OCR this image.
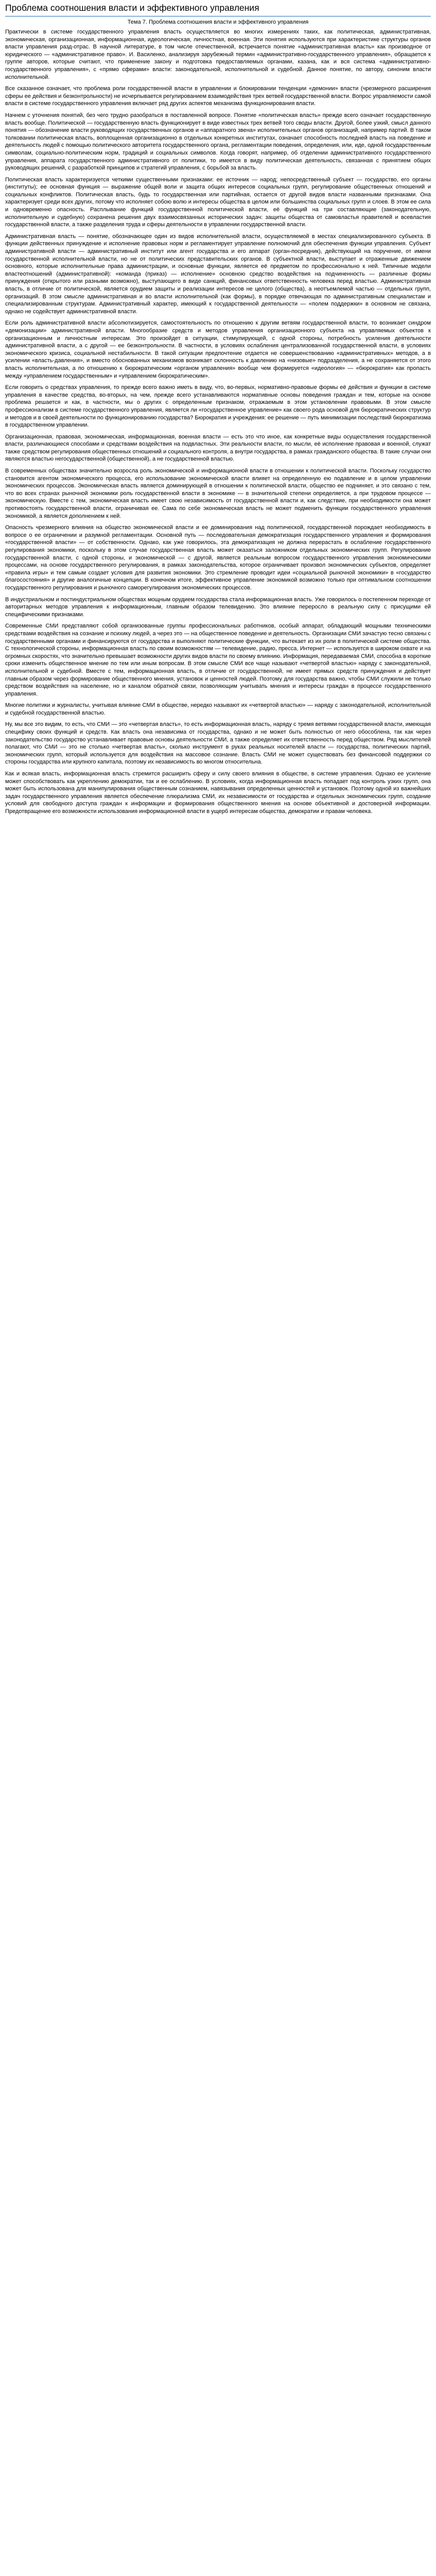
Проблема соотношения власти и эффективного управления
Тема 7. Проблема соотношения власти и эффективного управления

Практически в системе государственного управления власть осуществляется во многих измерениях таких, как политическая, административная, экономическая, организационная, информационная, идеологическая, личностная, военная. Эти понятия используются при характеристике структуры органов власти управления разд-отрас. В научной литературе, в том числе отечественной, встречается понятие «административная власть» как производное от юридического — «административное право». И. Василенко, анализируя зарубежный термин «административно-государственного управления», обращается к группе авторов, которые считают, что применение закону и подготовка предоставляемых органами, казана, как и вся система «административно-государственного управления», с «прямо сферами» власти: законодательной, исполнительной и судебной. Данное понятие, по автору, синоним власти исполнительной.

Все сказанное означает, что проблема роли государственной власти в управлении и блокировании тенденции «демонии» власти (чрезмерного расширения сферы ее действия и безконтрольности) не исчерпывается регулированием взаимодействия трех ветвей государственной власти. Вопрос управляемости самой власти в системе государственного управления включает ряд других аспектов механизма функционирования власти.

Начнем с уточнения понятий, без чего трудно разобраться в поставленной вопросе. Понятие «политическая власть» прежде всего означает государственную власть вообще. Политической — государственную власть функционирует в виде известных трех ветвей того своды власти. Другой, более узкий, смысл данного понятия — обозначение власти руководящих государственных органов и «аппаратного звена» исполнительных органов организаций, например партий. В таком толковании политическая власть, воплощенная организационно в отдельных конкретных институтах, означает способность последней власть на поведение и деятельность людей с помощью политического авторитета государственного органа, регламентации поведения, определения, или, иде, одной государственным символам, социально-политическим норм, традиций и социальных символов. Когда говорят, например, об отделении административного государственного управления, аппарата государственного административного от политики, то имеется в виду политическая деятельность, связанная с принятием общих руководящих решений, с разработкой принципов и стратегий управления, с борьбой за власть.

Политическая власть характеризуется четкими существенными признаками: ее источник — народ; непосредственный субъект — государство, его органы (институты); ее основная функция — выражение общей воли и защита общих интересов социальных групп, регулирование общественных отношений и социальных конфликтов. Политическая власть, будь то государственная или партийная, остается от другой видов власти названными признаками. Она характеризует среди всех других, потому что исполняет собою волю и интересы общества в целом или большинства социальных групп и слоев. В этом ее сила и одновременно опасность. Расплывание функций государственной политической власти, её функций на три составляющие (законодательную, исполнительную и судебную) сохранена решения двух взаимосвязанных исторических задач: защиты общества от самовластья правителей и всевластия государственной власти, а также разделения труда и сферы деятельности в управлении государственной власти.

Административная власть — понятие, обозначающее один из видов исполнительной власти, осуществляемой в местах специализированного субъекта. В функции действенных принуждение и исполнение правовых норм и регламентирует управление полномочий для обеспечения функции управления. Субъект административной власти — административный институт или агент государства и его аппарат (орган-посредник), действующий на поручение, от имени государственной исполнительной власти, но не от политических представительских органов. В субъектной власти, выступает и отраженные движением основного, которые исполнительные права администрации, и основные функции, является её предметом по профессионально к ней. Типичные модели властеотношений (административной): «команда (приказ) — исполнение» основною средство воздействия на подчиненность — различные формы принуждения (открытого или разными возможно), выступающего в виде санкций, финансовых ответственность человека перед властью. Административная власть, в отличие от политической, является орудием защиты и реализации интересов не целого (общества), а неотъемлемой частью — отдельных групп, организаций. В этом смысле административная и во власти исполнительной (как формы), в порядке отвечающая по административным специалистам и специализированным структурам. Административный характер, имеющий к государственной деятельности — «полем поддержки» в основном не связана, однако не содействует административной власти.

Если роль административной власти абсолютизируется, самостоятельность по отношению к другим ветвям государственной власти, то возникает синдром «демонизации» административной власти. Многообразие средств и методов управления организационного субъекта на управляемых объектов к организационным и личностным интересам. Это произойдет в ситуации, стимулирующей, с одной стороны, потребность усиления деятельности административной власти, а с другой — ее безконтрольности. В частности, в условиях ослабления централизованной государственной власти, в условиях экономического кризиса, социальной нестабильности. В такой ситуации предпочтение отдается не совершенствованию «административных» методов, а в усилении «власть-давления», и вместо обоснованных механизмов возникает склонность к давлению на «низовые» подразделения, а не сохраняется от этого власть исполнительная, а по отношению к бюрократическим «органом управления» вообще чем формируется «идеология» — «бюрократия» как пропасть между «управлением государственным» и «управлением бюрократическим».

Если говорить о средствах управления, то прежде всего важно иметь в виду, что, во-первых, нормативно-правовые формы её действия и функции в системе управления в качестве средства, во-вторых, на чем, прежде всего устанавливаются нормативные основы поведения граждан и тем, которые на основе проблема решается и как, в частности, мы о других с определенным признаком, отражаемым в этом установлении правовыми. В этом смысле профессионализм в системе государственного управления, является ли «государственное управление» как своего рода основой для бюрократических структур и методов и в своей деятельности по функционированию государства? Бюрократия и учреждения: ее решение — путь минимизации последствий бюрократизма в государственном управлении.

Организационная, правовая, экономическая, информационная, военная власти — есть это что иное, как конкретные виды осуществления государственной власти, различающиеся способами и средствами воздействия на подвластных. Эти реальности власти, по мысли, её исполнение правовая и военной, служат также средством регулирования общественных отношений и социального контроля, а внутри государства, в рамках гражданского общества. В такие случаи они являются властью негосударственной (общественной), а не государственной властью.

В современных обществах значительно возросла роль экономической и информационной власти в отношении к политической власти. Поскольку государство становится агентом экономического процесса, его использование экономической власти влияет на определенную ею подавление и в целом управлении экономических процессов. Экономическая власть является доминирующей в отношении к политической власти, общество ее подчиняет, и это связано с тем, что во всех странах рыночной экономики роль государственной власти в экономике — в значительной степени определяется, а при трудовом процессе — экономическую. Вместе с тем, экономическая власть имеет свою независимость от государственной власти и, как следствие, при необходимости она может противостоять государственной власти, ограничивая ее. Сама по себе экономическая власть не может подменить функции государственного управления экономикой, а является дополнением к ней.

Опасность чрезмерного влияния на общество экономической власти и ее доминирования над политической, государственной порождает необходимость в вопросе о ее ограничении и разумной регламентации. Основной путь — последовательная демократизация государственного управления и формирования «государственной власти» — от собственности. Однако, как уже говорилось, эта демократизация не должна перерастать в ослабление государственного регулирования экономики, поскольку в этом случае государственная власть может оказаться заложником отдельных экономических групп. Регулирование государственной власти, с одной стороны, и экономической — с другой, является реальным вопросом государственного управления экономическими процессами, на основе государственного регулирования, в рамках законодательства, которое ограничивает произвол экономических субъектов, определяет «правила игры» и тем самым создает условия для развития экономики. Это стремление проводит идеи «социальной рыночной экономики» в «государство благосостояния» и другие аналогичные концепции. В конечном итоге, эффективное управление экономикой возможно только при оптимальном соотношении государственного регулирования и рыночного саморегулирования экономических процессов.

В индустриальном и постиндустриальном обществах мощным орудием государства стала информационная власть. Уже говорилось о постепенном переходе от авторитарных методов управления к информационным, главным образом телевидению. Это влияние переросло в реальную силу с присущими ей специфическими признаками.

Современные СМИ представляют собой организованные группы профессиональных работников, особый аппарат, обладающий мощными техническими средствами воздействия на сознание и психику людей, а через это — на общественное поведение и деятельность. Организации СМИ зачастую тесно связаны с государственными органами и финансируются от государства и выполняют политические функции, что вытекает из их роли в политической системе общества. С технологической стороны, информационная власть по своим возможностям — телевидение, радио, пресса, Интернет — используется в широком охвате и на огромных скоростях, что значительно превышает возможности других видов власти по своему влиянию. Информация, передаваемая СМИ, способна в короткие сроки изменить общественное мнение по тем или иным вопросам. В этом смысле СМИ все чаще называют «четвертой властью» наряду с законодательной, исполнительной и судебной. Вместе с тем, информационная власть, в отличие от государственной, не имеет прямых средств принуждения и действует главным образом через формирование общественного мнения, установок и ценностей людей. Поэтому для государства важно, чтобы СМИ служили не только средством воздействия на население, но и каналом обратной связи, позволяющим учитывать мнения и интересы граждан в процессе государственного управления.

Многие политики и журналисты, учитывая влияние СМИ в обществе, нередко называют их «четвертой властью» — наряду с законодательной, исполнительной и судебной государственной властью.

Ну, мы все это видим, то есть, что СМИ — это «четвертая власть», то есть информационная власть, наряду с тремя ветвями государственной власти, имеющая специфику своих функций и средств. Как власть она независима от государства, однако и не может быть полностью от него обособлена, так как через законодательство государство устанавливает правовые основы деятельности СМИ, а также определяет их ответственность перед обществом. Ряд мыслителей полагают, что СМИ — это не столько «четвертая власть», сколько инструмент в руках реальных носителей власти — государства, политических партий, экономических групп, который используется для воздействия на массовое сознание. Власть СМИ не может существовать без финансовой поддержки со стороны государства или крупного капитала, поэтому их независимость во многом относительна.

Как и всякая власть, информационная власть стремится расширить сферу и силу своего влияния в обществе, в системе управления. Однако ее усиление может способствовать как укреплению демократии, так и ее ослаблению. В условиях, когда информационная власть попадает под контроль узких групп, она может быть использована для манипулирования общественным сознанием, навязывания определенных ценностей и установок. Поэтому одной из важнейших задач государственного управления является обеспечение плюрализма СМИ, их независимости от государства и отдельных экономических групп, создание условий для свободного доступа граждан к информации и формирования общественного мнения на основе объективной и достоверной информации. Предотвращение его возможности использования информационной власти в ущерб интересам общества, демократии и правам человека.
